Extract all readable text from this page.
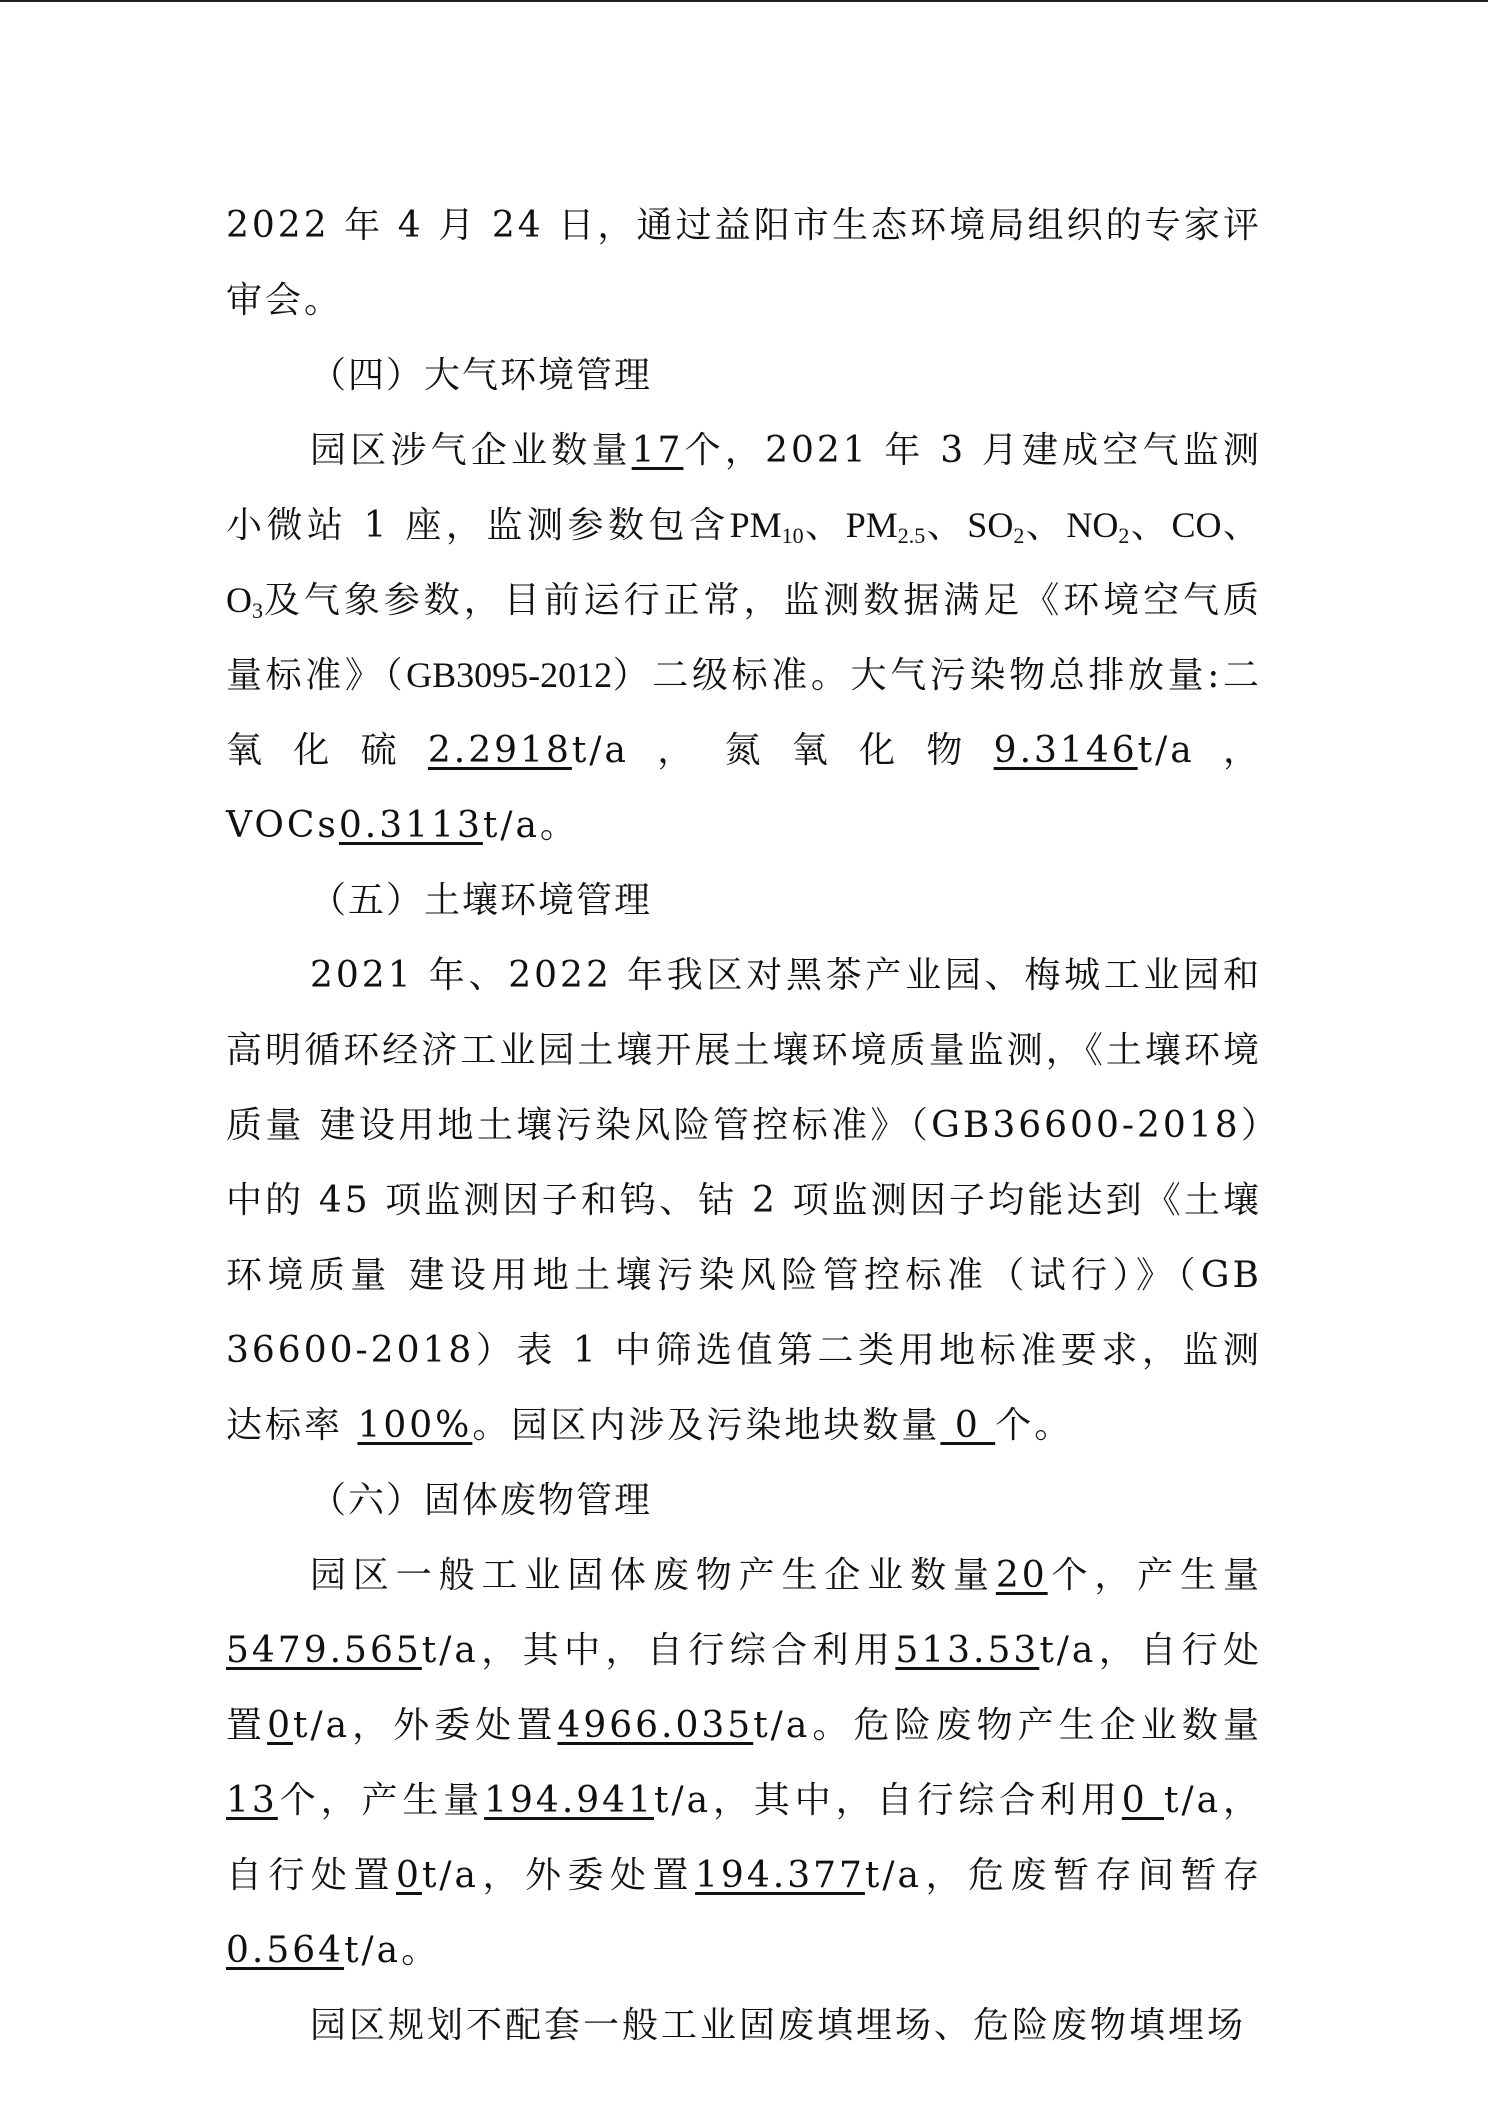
2022 年 4 月 24 日，通过益阳市生态环境局组织的专家评审会。

（四）大气环境管理

园区涉气企业数量17个，2021 年 3 月建成空气监测小微站 1 座，监测参数包含$PM_{10}$、$PM_{2.5}$、$SO_2$、$NO_2$、CO、$O_3$及气象参数，目前运行正常，监测数据满足《环境空气质量标准》（GB3095-2012）二级标准。大气污染物总排放量:二氧化硫2.2918t/a，氮氧化物9.3146t/a，VOCs0.3113t/a。

（五）土壤环境管理

2021 年、2022 年我区对黑茶产业园、梅城工业园和高明循环经济工业园土壤开展土壤环境质量监测，《土壤环境质量 建设用地土壤污染风险管控标准》（GB36600-2018）中的 45 项监测因子和钨、钴 2 项监测因子均能达到《土壤环境质量 建设用地土壤污染风险管控标准（试行）》（GB 36600-2018）表 1 中筛选值第二类用地标准要求，监测达标率 100%。园区内涉及污染地块数量 0 个。

（六）固体废物管理

园区一般工业固体废物产生企业数量20个，产生量5479.565t/a，其中，自行综合利用513.53t/a，自行处置0t/a，外委处置4966.035t/a。危险废物产生企业数量13个，产生量194.941t/a，其中，自行综合利用0 t/a，自行处置0t/a，外委处置194.377t/a，危废暂存间暂存0.564t/a。

园区规划不配套一般工业固废填埋场、危险废物填埋场
